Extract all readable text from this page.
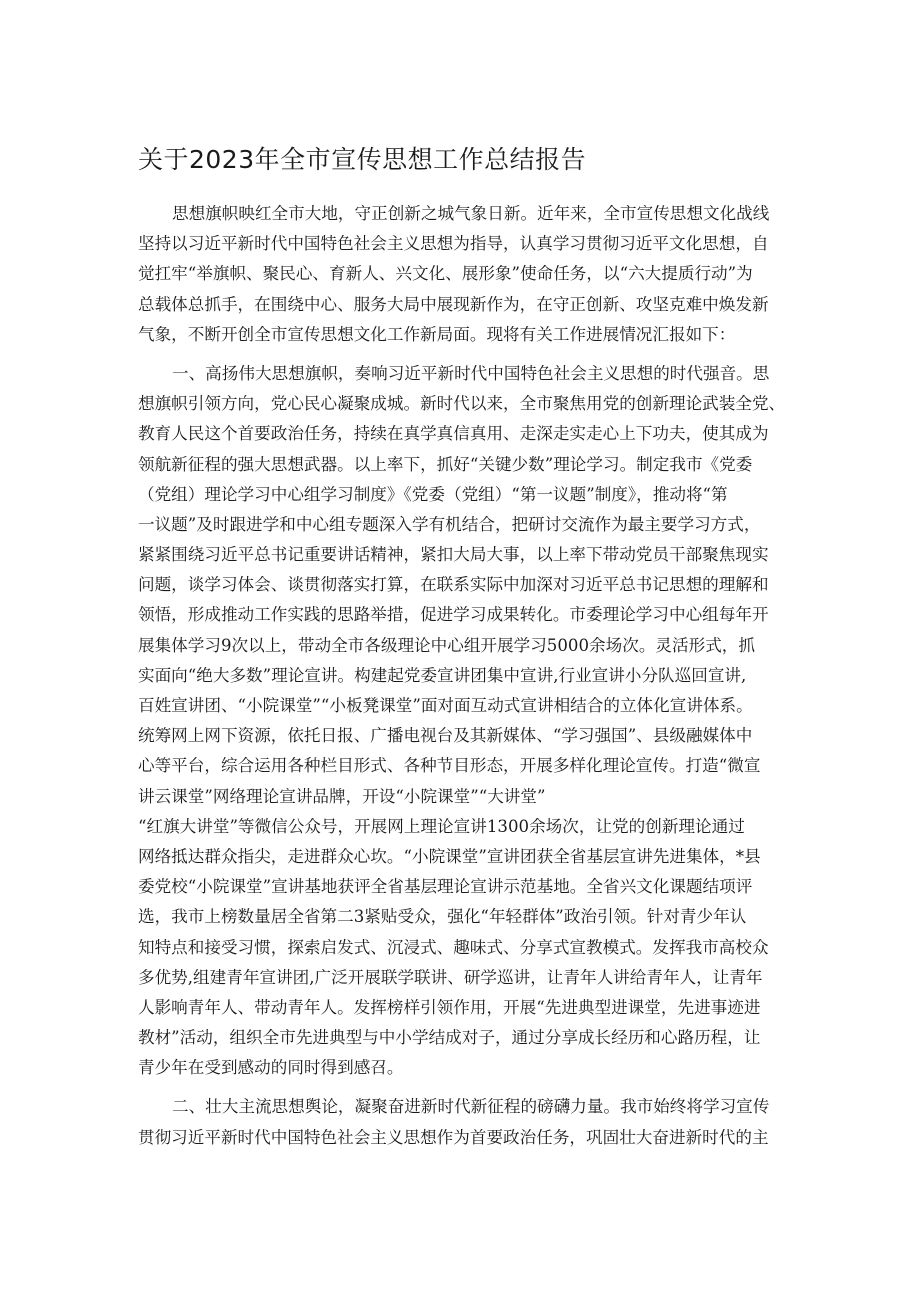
关于2023年全市宣传思想工作总结报告
思想旗帜映红全市大地，守正创新之城气象日新。近年来，全市宣传思想文化战线
坚持以习近平新时代中国特色社会主义思想为指导，认真学习贯彻习近平文化思想，自
觉扛牢“举旗帜、聚民心、育新人、兴文化、展形象”使命任务，以“六大提质行动”为
总载体总抓手，在围绕中心、服务大局中展现新作为，在守正创新、攻坚克难中焕发新
气象，不断开创全市宣传思想文化工作新局面。现将有关工作进展情况汇报如下：
一、高扬伟大思想旗帜，奏响习近平新时代中国特色社会主义思想的时代强音。思
想旗帜引领方向，党心民心凝聚成城。新时代以来，全市聚焦用党的创新理论武装全党、
教育人民这个首要政治任务，持续在真学真信真用、走深走实走心上下功夫，使其成为
领航新征程的强大思想武器。以上率下，抓好“关键少数”理论学习。制定我市《党委
（党组）理论学习中心组学习制度》《党委（党组）“第一议题”制度》，推动将“第
一议题”及时跟进学和中心组专题深入学有机结合，把研讨交流作为最主要学习方式，
紧紧围绕习近平总书记重要讲话精神，紧扣大局大事，以上率下带动党员干部聚焦现实
问题，谈学习体会、谈贯彻落实打算，在联系实际中加深对习近平总书记思想的理解和
领悟，形成推动工作实践的思路举措，促进学习成果转化。市委理论学习中心组每年开
展集体学习9次以上，带动全市各级理论中心组开展学习5000余场次。灵活形式，抓
实面向“绝大多数”理论宣讲。构建起党委宣讲团集中宣讲,行业宣讲小分队巡回宣讲,
百姓宣讲团、“小院课堂”“小板凳课堂”面对面互动式宣讲相结合的立体化宣讲体系。
统筹网上网下资源，依托日报、广播电视台及其新媒体、“学习强国”、县级融媒体中
心等平台，综合运用各种栏目形式、各种节目形态，开展多样化理论宣传。打造“微宣
讲云课堂”网络理论宣讲品牌，开设“小院课堂”“大讲堂”
“红旗大讲堂”等微信公众号，开展网上理论宣讲1300余场次，让党的创新理论通过
网络抵达群众指尖，走进群众心坎。“小院课堂”宣讲团获全省基层宣讲先进集体，*县
委党校“小院课堂”宣讲基地获评全省基层理论宣讲示范基地。全省兴文化课题结项评
选，我市上榜数量居全省第二3紧贴受众，强化“年轻群体”政治引领。针对青少年认
知特点和接受习惯，探索启发式、沉浸式、趣味式、分享式宣教模式。发挥我市高校众
多优势,组建青年宣讲团,广泛开展联学联讲、研学巡讲，让青年人讲给青年人，让青年
人影响青年人、带动青年人。发挥榜样引领作用，开展“先进典型进课堂，先进事迹进
教材”活动，组织全市先进典型与中小学结成对子，通过分享成长经历和心路历程，让
青少年在受到感动的同时得到感召。
二、壮大主流思想舆论，凝聚奋进新时代新征程的磅礴力量。我市始终将学习宣传
贯彻习近平新时代中国特色社会主义思想作为首要政治任务，巩固壮大奋进新时代的主
